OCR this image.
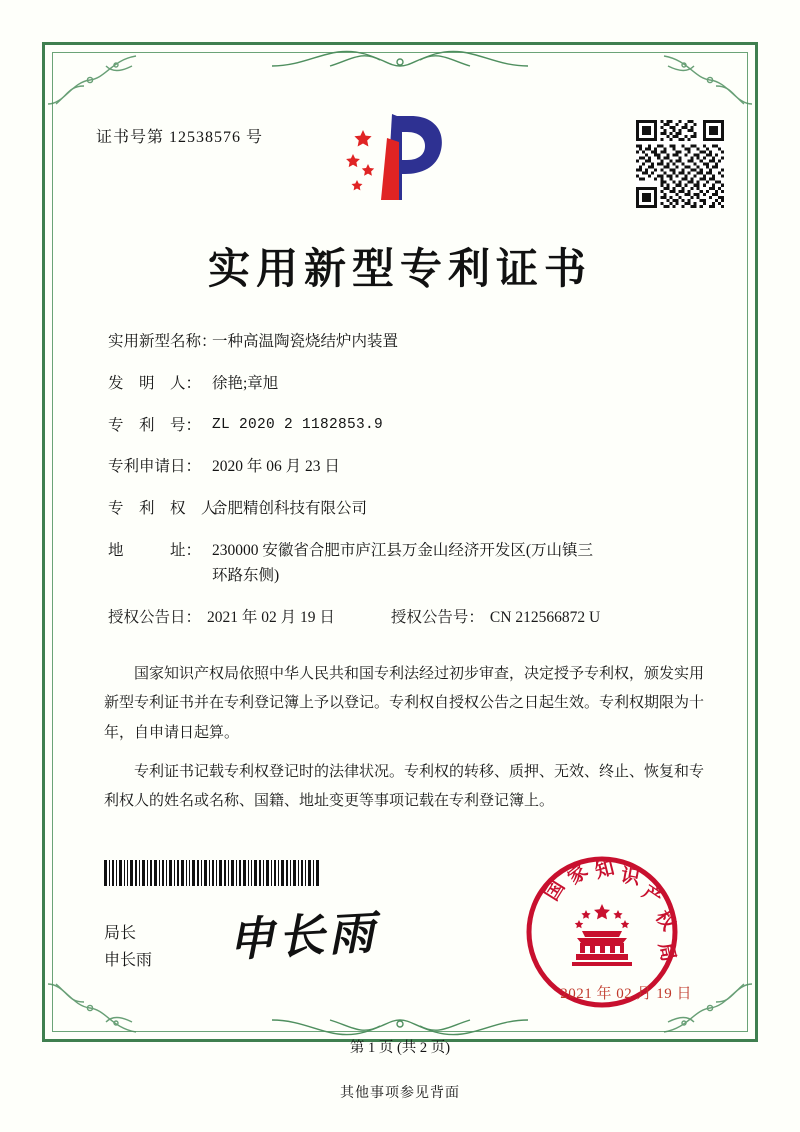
证书号第 12538576 号
实用新型专利证书
实用新型名称：
一种高温陶瓷烧结炉内装置
发　明　人： 徐艳;章旭
专　利　号： ZL 2020 2 1182853.9
专利申请日： 2020 年 06 月 23 日
专　利　权　人：
合肥精创科技有限公司
地　　　址： 230000 安徽省合肥市庐江县万金山经济开发区(万山镇三
环路东侧)
授权公告日： 2021 年 02 月 19 日	授权公告号： CN 212566872 U

国家知识产权局依照中华人民共和国专利法经过初步审查，决定授予专利权，颁发实用新型专利证书并在专利登记簿上予以登记。专利权自授权公告之日起生效。专利权期限为十年，自申请日起算。

专利证书记载专利权登记时的法律状况。专利权的转移、质押、无效、终止、恢复和专利权人的姓名或名称、国籍、地址变更等事项记载在专利登记簿上。

局长
申长雨 申长雨
国
家 知 识
产
权
局
2021 年 02 月 19 日
第 1 页 (共 2 页)
其他事项参见背面
